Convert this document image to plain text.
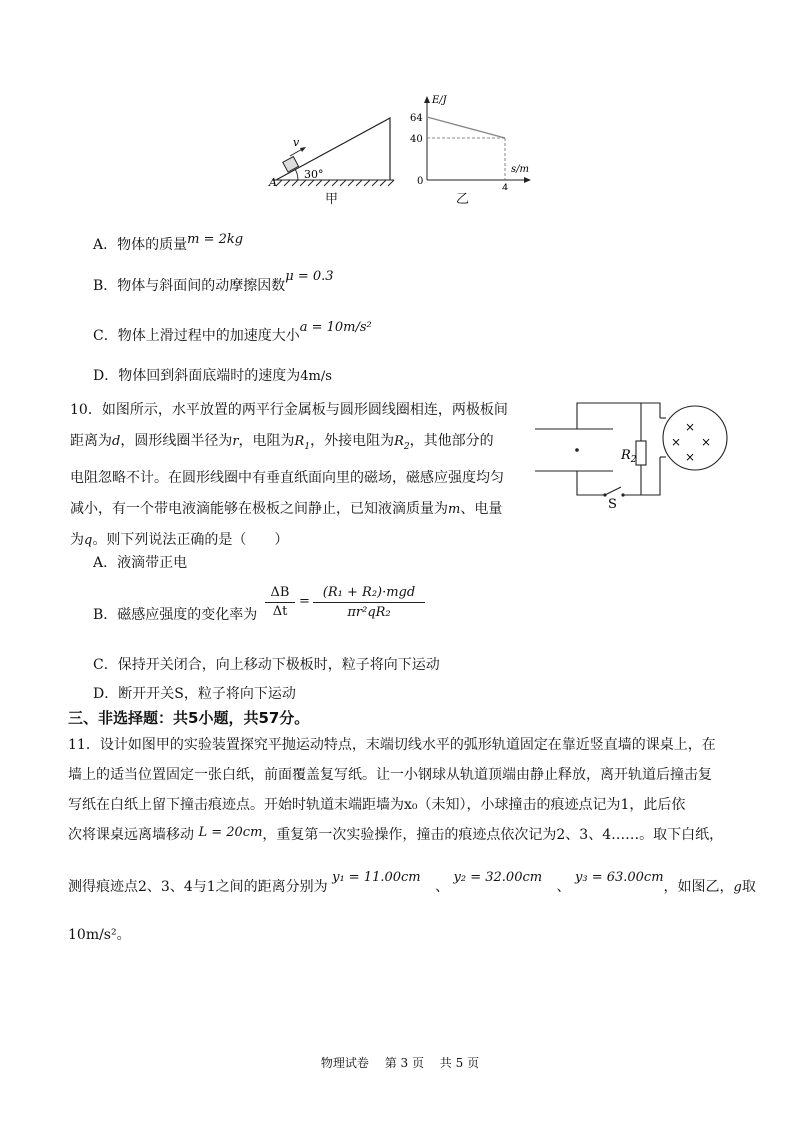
v
30°
A
甲
E/J
s/m
64
40
0
4
乙
A．物体的质量m = 2kg
B．物体与斜面间的动摩擦因数μ = 0.3
C．物体上滑过程中的加速度大小a = 10m/s²
D．物体回到斜面底端时的速度为4m/s
10．如图所示，水平放置的两平行金属板与圆形圆线圈相连，两极板间
距离为d，圆形线圈半径为r，电阻为$R_1$，外接电阻为$R_2$，其他部分的
电阻忽略不计。在圆形线圈中有垂直纸面向里的磁场，磁感应强度均匀
减小，有一个带电液滴能够在极板之间静止，已知液滴质量为m、电量
为q。则下列说法正确的是（　　）
$R_2$
S
×
× ×
×
A．液滴带正电
B．磁感应强度的变化率为
ΔB
Δt
=
(R₁ + R₂)·mgd
πr²qR₂
C．保持开关闭合，向上移动下极板时，粒子将向下运动
D．断开开关S，粒子将向下运动
三、非选择题：共5小题，共57分。
11．设计如图甲的实验装置探究平抛运动特点，末端切线水平的弧形轨道固定在靠近竖直墙的课桌上，在
墙上的适当位置固定一张白纸，前面覆盖复写纸。让一小钢球从轨道顶端由静止释放，离开轨道后撞击复
写纸在白纸上留下撞击痕迹点。开始时轨道末端距墙为x₀（未知），小球撞击的痕迹点记为1，此后依
次将课桌远离墙移动 L = 20cm，重复第一次实验操作，撞击的痕迹点依次记为2、3、4……。取下白纸，
测得痕迹点2、3、4与1之间的距离分别为 y₁ = 11.00cm 、 y₂ = 32.00cm 、 y₃ = 63.00cm，如图乙，g取
10m/s²。
物理试卷　 第 3 页　 共 5 页
